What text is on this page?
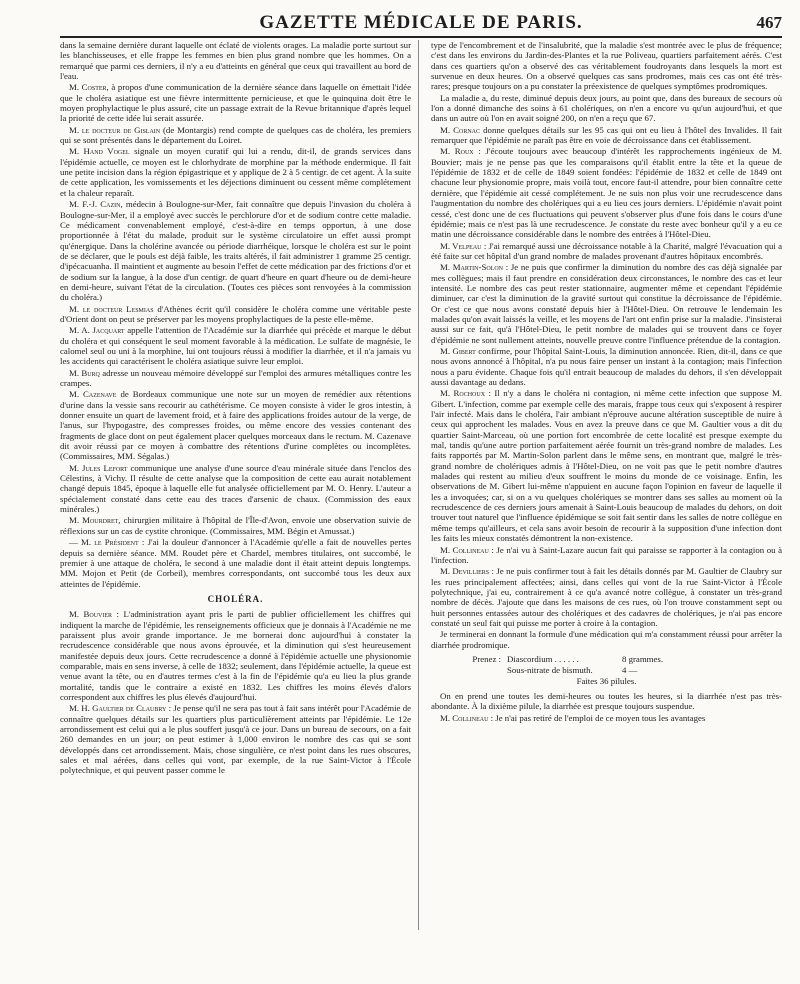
GAZETTE MÉDICALE DE PARIS.	467

dans la semaine dernière durant laquelle ont éclaté de violents orages. La maladie porte surtout sur les blanchisseuses, et elle frappe les femmes en bien plus grand nombre que les hommes. On a remarqué que parmi ces derniers, il n'y a eu d'atteints en général que ceux qui travaillent au bord de l'eau.

M. Coster, à propos d'une communication de la dernière séance dans laquelle on émettait l'idée que le choléra asiatique est une fièvre intermittente pernicieuse, et que le quinquina doit être le moyen prophylactique le plus assuré, cite un passage extrait de la Revue britannique d'après lequel la priorité de cette idée lui serait assurée.

M. le docteur de Gislain (de Montargis) rend compte de quelques cas de choléra, les premiers qui se sont présentés dans le département du Loiret.

M. Hand Vogel signale un moyen curatif qui lui a rendu, dit-il, de grands services dans l'épidémie actuelle, ce moyen est le chlorhydrate de morphine par la méthode endermique. Il fait une petite incision dans la région épigastrique et y applique de 2 à 5 centigr. de cet agent. À la suite de cette application, les vomissements et les déjections diminuent ou cessent même complétement et la chaleur reparaît.

M. F.-J. Cazin, médecin à Boulogne-sur-Mer, fait connaître que depuis l'invasion du choléra à Boulogne-sur-Mer, il a employé avec succès le perchlorure d'or et de sodium contre cette maladie. Ce médicament convenablement employé, c'est-à-dire en temps opportun, à une dose proportionnée à l'état du malade, produit sur le système circulatoire un effet aussi prompt qu'énergique. Dans la cholérine avancée ou période diarrhéique, lorsque le choléra est sur le point de se déclarer, que le pouls est déjà faible, les traits altérés, il fait administrer 1 gramme 25 centigr. d'ipécacuanha. Il maintient et augmente au besoin l'effet de cette médication par des frictions d'or et de sodium sur la langue, à la dose d'un centigr. de quart d'heure en quart d'heure ou de demi-heure en demi-heure, suivant l'état de la circulation. (Toutes ces pièces sont renvoyées à la commission du choléra.)

M. le docteur Lesmias d'Athènes écrit qu'il considère le choléra comme une véritable peste d'Orient dont on peut se préserver par les moyens prophylactiques de la peste elle-même.

M. A. Jacquart appelle l'attention de l'Académie sur la diarrhée qui précède et marque le début du choléra et qui conséquent le seul moment favorable à la médication. Le sulfate de magnésie, le calomel seul ou uni à la morphine, lui ont toujours réussi à modifier la diarrhée, et il n'a jamais vu les accidents qui caractérisent le choléra asiatique suivre leur emploi.

M. Burq adresse un nouveau mémoire développé sur l'emploi des armures métalliques contre les crampes.

M. Cazenave de Bordeaux communique une note sur un moyen de remédier aux rétentions d'urine dans la vessie sans recourir au cathétérisme. Ce moyen consiste à vider le gros intestin, à donner ensuite un quart de lavement froid, et à faire des applications froides autour de la verge, de l'anus, sur l'hypogastre, des compresses froides, ou même encore des vessies contenant des fragments de glace dont on peut également placer quelques morceaux dans le rectum. M. Cazenave dit avoir réussi par ce moyen à combattre des rétentions d'urine complètes ou incomplètes. (Commissaires, MM. Ségalas.)

M. Jules Lefort communique une analyse d'une source d'eau minérale située dans l'enclos des Célestins, à Vichy. Il résulte de cette analyse que la composition de cette eau aurait notablement changé depuis 1845, époque à laquelle elle fut analysée officiellement par M. O. Henry. L'auteur a spécialement constaté dans cette eau des traces d'arsenic de chaux. (Commission des eaux minérales.)

M. Mourdret, chirurgien militaire à l'hôpital de l'Île-d'Avon, envoie une observation suivie de réflexions sur un cas de cystite chronique. (Commissaires, MM. Bégin et Amussat.)

— M. le Président : J'ai la douleur d'annoncer à l'Académie qu'elle a fait de nouvelles pertes depuis sa dernière séance. MM. Roudet père et Chardel, membres titulaires, ont succombé, le premier à une attaque de choléra, le second à une maladie dont il était atteint depuis longtemps. MM. Mojon et Petit (de Corbeil), membres correspondants, ont succombé tous les deux aux atteintes de l'épidémie.

CHOLÉRA.

M. Bouvier : L'administration ayant pris le parti de publier officiellement les chiffres qui indiquent la marche de l'épidémie, les renseignements officieux que je donnais à l'Académie ne me paraissent plus avoir grande importance. Je me bornerai donc aujourd'hui à constater la recrudescence considérable que nous avons éprouvée, et la diminution qui s'est heureusement manifestée depuis deux jours. Cette recrudescence a donné à l'épidémie actuelle une physionomie comparable, mais en sens inverse, à celle de 1832; seulement, dans l'épidémie actuelle, la queue est venue avant la tête, ou en d'autres termes c'est à la fin de l'épidémie qu'a eu lieu la plus grande mortalité, tandis que le contraire a existé en 1832. Les chiffres les moins élevés d'alors correspondent aux chiffres les plus élevés d'aujourd'hui.

M. H. Gaultier de Claubry : Je pense qu'il ne sera pas tout à fait sans intérêt pour l'Académie de connaître quelques détails sur les quartiers plus particulièrement atteints par l'épidémie. Le 12e arrondissement est celui qui a le plus souffert jusqu'à ce jour. Dans un bureau de secours, on a fait 260 demandes en un jour; on peut estimer à 1,000 environ le nombre des cas qui se sont développés dans cet arrondissement. Mais, chose singulière, ce n'est point dans les rues obscures, sales et mal aérées, dans celles qui vont, par exemple, de la rue Saint-Victor à l'École polytechnique, et qui peuvent passer comme le

type de l'encombrement et de l'insalubrité, que la maladie s'est montrée avec le plus de fréquence; c'est dans les environs du Jardin-des-Plantes et la rue Poliveau, quartiers parfaitement aérés. C'est dans ces quartiers qu'on a observé des cas véritablement foudroyants dans lesquels la mort est survenue en deux heures. On a observé quelques cas sans prodromes, mais ces cas ont été très-rares; presque toujours on a pu constater la préexistence de quelques symptômes prodromiques.

La maladie a, du reste, diminué depuis deux jours, au point que, dans des bureaux de secours où l'on a donné dimanche des soins à 61 cholériques, on n'en a encore vu qu'un aujourd'hui, et que dans un autre où l'on en avait soigné 200, on n'en a reçu que 67.

M. Cornac donne quelques détails sur les 95 cas qui ont eu lieu à l'hôtel des Invalides. Il fait remarquer que l'épidémie ne paraît pas être en voie de décroissance dans cet établissement.

M. Roux : J'écoute toujours avec beaucoup d'intérêt les rapprochements ingénieux de M. Bouvier; mais je ne pense pas que les comparaisons qu'il établit entre la tête et la queue de l'épidémie de 1832 et de celle de 1849 soient fondées: l'épidémie de 1832 et celle de 1849 ont chacune leur physionomie propre, mais voilà tout, encore faut-il attendre, pour bien connaître cette dernière, que l'épidémie ait cessé complétement. Je ne suis non plus voir une recrudescence dans l'augmentation du nombre des cholériques qui a eu lieu ces jours derniers. L'épidémie n'avait point cessé, c'est donc une de ces fluctuations qui peuvent s'observer plus d'une fois dans le cours d'une épidémie; mais ce n'est pas là une recrudescence. Je constate du reste avec bonheur qu'il y a eu ce matin une décroissance considérable dans le nombre des entrées à l'Hôtel-Dieu.

M. Velpeau : J'ai remarqué aussi une décroissance notable à la Charité, malgré l'évacuation qui a été faite sur cet hôpital d'un grand nombre de malades provenant d'autres hôpitaux encombrés.

M. Martin-Solon : Je ne puis que confirmer la diminution du nombre des cas déjà signalée par mes collègues; mais il faut prendre en considération deux circonstances, le nombre des cas et leur intensité. Le nombre des cas peut rester stationnaire, augmenter même et cependant l'épidémie diminuer, car c'est la diminution de la gravité surtout qui constitue la décroissance de l'épidémie. Or c'est ce que nous avons constaté depuis hier à l'Hôtel-Dieu. On retrouve le lendemain les malades qu'on avait laissés la veille, et les moyens de l'art ont enfin prise sur la maladie. J'insisterai aussi sur ce fait, qu'à l'Hôtel-Dieu, le petit nombre de malades qui se trouvent dans ce foyer d'épidémie ne sont nullement atteints, nouvelle preuve contre l'influence prétendue de la contagion.

M. Gibert confirme, pour l'hôpital Saint-Louis, la diminution annoncée. Rien, dit-il, dans ce que nous avons annoncé à l'hôpital, n'a pu nous faire penser un instant à la contagion; mais l'infection nous a paru évidente. Chaque fois qu'il entrait beaucoup de malades du dehors, il s'en développait aussi davantage au dedans.

M. Rochoux : Il n'y a dans le choléra ni contagion, ni même cette infection que suppose M. Gibert. L'infection, comme par exemple celle des marais, frappe tous ceux qui s'exposent à respirer l'air infecté. Mais dans le choléra, l'air ambiant n'éprouve aucune altération susceptible de nuire à ceux qui approchent les malades. Vous en avez la preuve dans ce que M. Gaultier vous a dit du quartier Saint-Marceau, où une portion fort encombrée de cette localité est presque exempte du mal, tandis qu'une autre portion parfaitement aérée fournit un très-grand nombre de malades. Les faits rapportés par M. Martin-Solon parlent dans le même sens, en montrant que, malgré le très-grand nombre de cholériques admis à l'Hôtel-Dieu, on ne voit pas que le petit nombre d'autres malades qui restent au milieu d'eux souffrent le moins du monde de ce voisinage. Enfin, les observations de M. Gibert lui-même n'appuient en aucune façon l'opinion en faveur de laquelle il les a invoquées; car, si on a vu quelques cholériques se montrer dans ses salles au moment où la recrudescence de ces derniers jours amenait à Saint-Louis beaucoup de malades du dehors, on doit trouver tout naturel que l'influence épidémique se soit fait sentir dans les salles de notre collègue en même temps qu'ailleurs, et cela sans avoir besoin de recourir à la supposition d'une infection dont les faits les mieux constatés démontrent la non-existence.

M. Collineau : Je n'ai vu à Saint-Lazare aucun fait qui paraisse se rapporter à la contagion ou à l'infection.

M. Devilliers : Je ne puis confirmer tout à fait les détails donnés par M. Gaultier de Claubry sur les rues principalement affectées; ainsi, dans celles qui vont de la rue Saint-Victor à l'École polytechnique, j'ai eu, contrairement à ce qu'a avancé notre collègue, à constater un très-grand nombre de décès. J'ajoute que dans les maisons de ces rues, où l'on trouve constamment sept ou huit personnes entassées autour des cholériques et des cadavres de cholériques, je n'ai pas encore constaté un seul fait qui puisse me porter à croire à la contagion.

Je terminerai en donnant la formule d'une médication qui m'a constamment réussi pour arrêter la diarrhée prodromique.

Prenez : Diascordium . . . . . .	8 grammes.
Sous-nitrate de bismuth.	4 —
Faites 36 pilules.

On en prend une toutes les demi-heures ou toutes les heures, si la diarrhée n'est pas très-abondante. À la dixième pilule, la diarrhée est presque toujours suspendue.

M. Collineau : Je n'ai pas retiré de l'emploi de ce moyen tous les avantages
